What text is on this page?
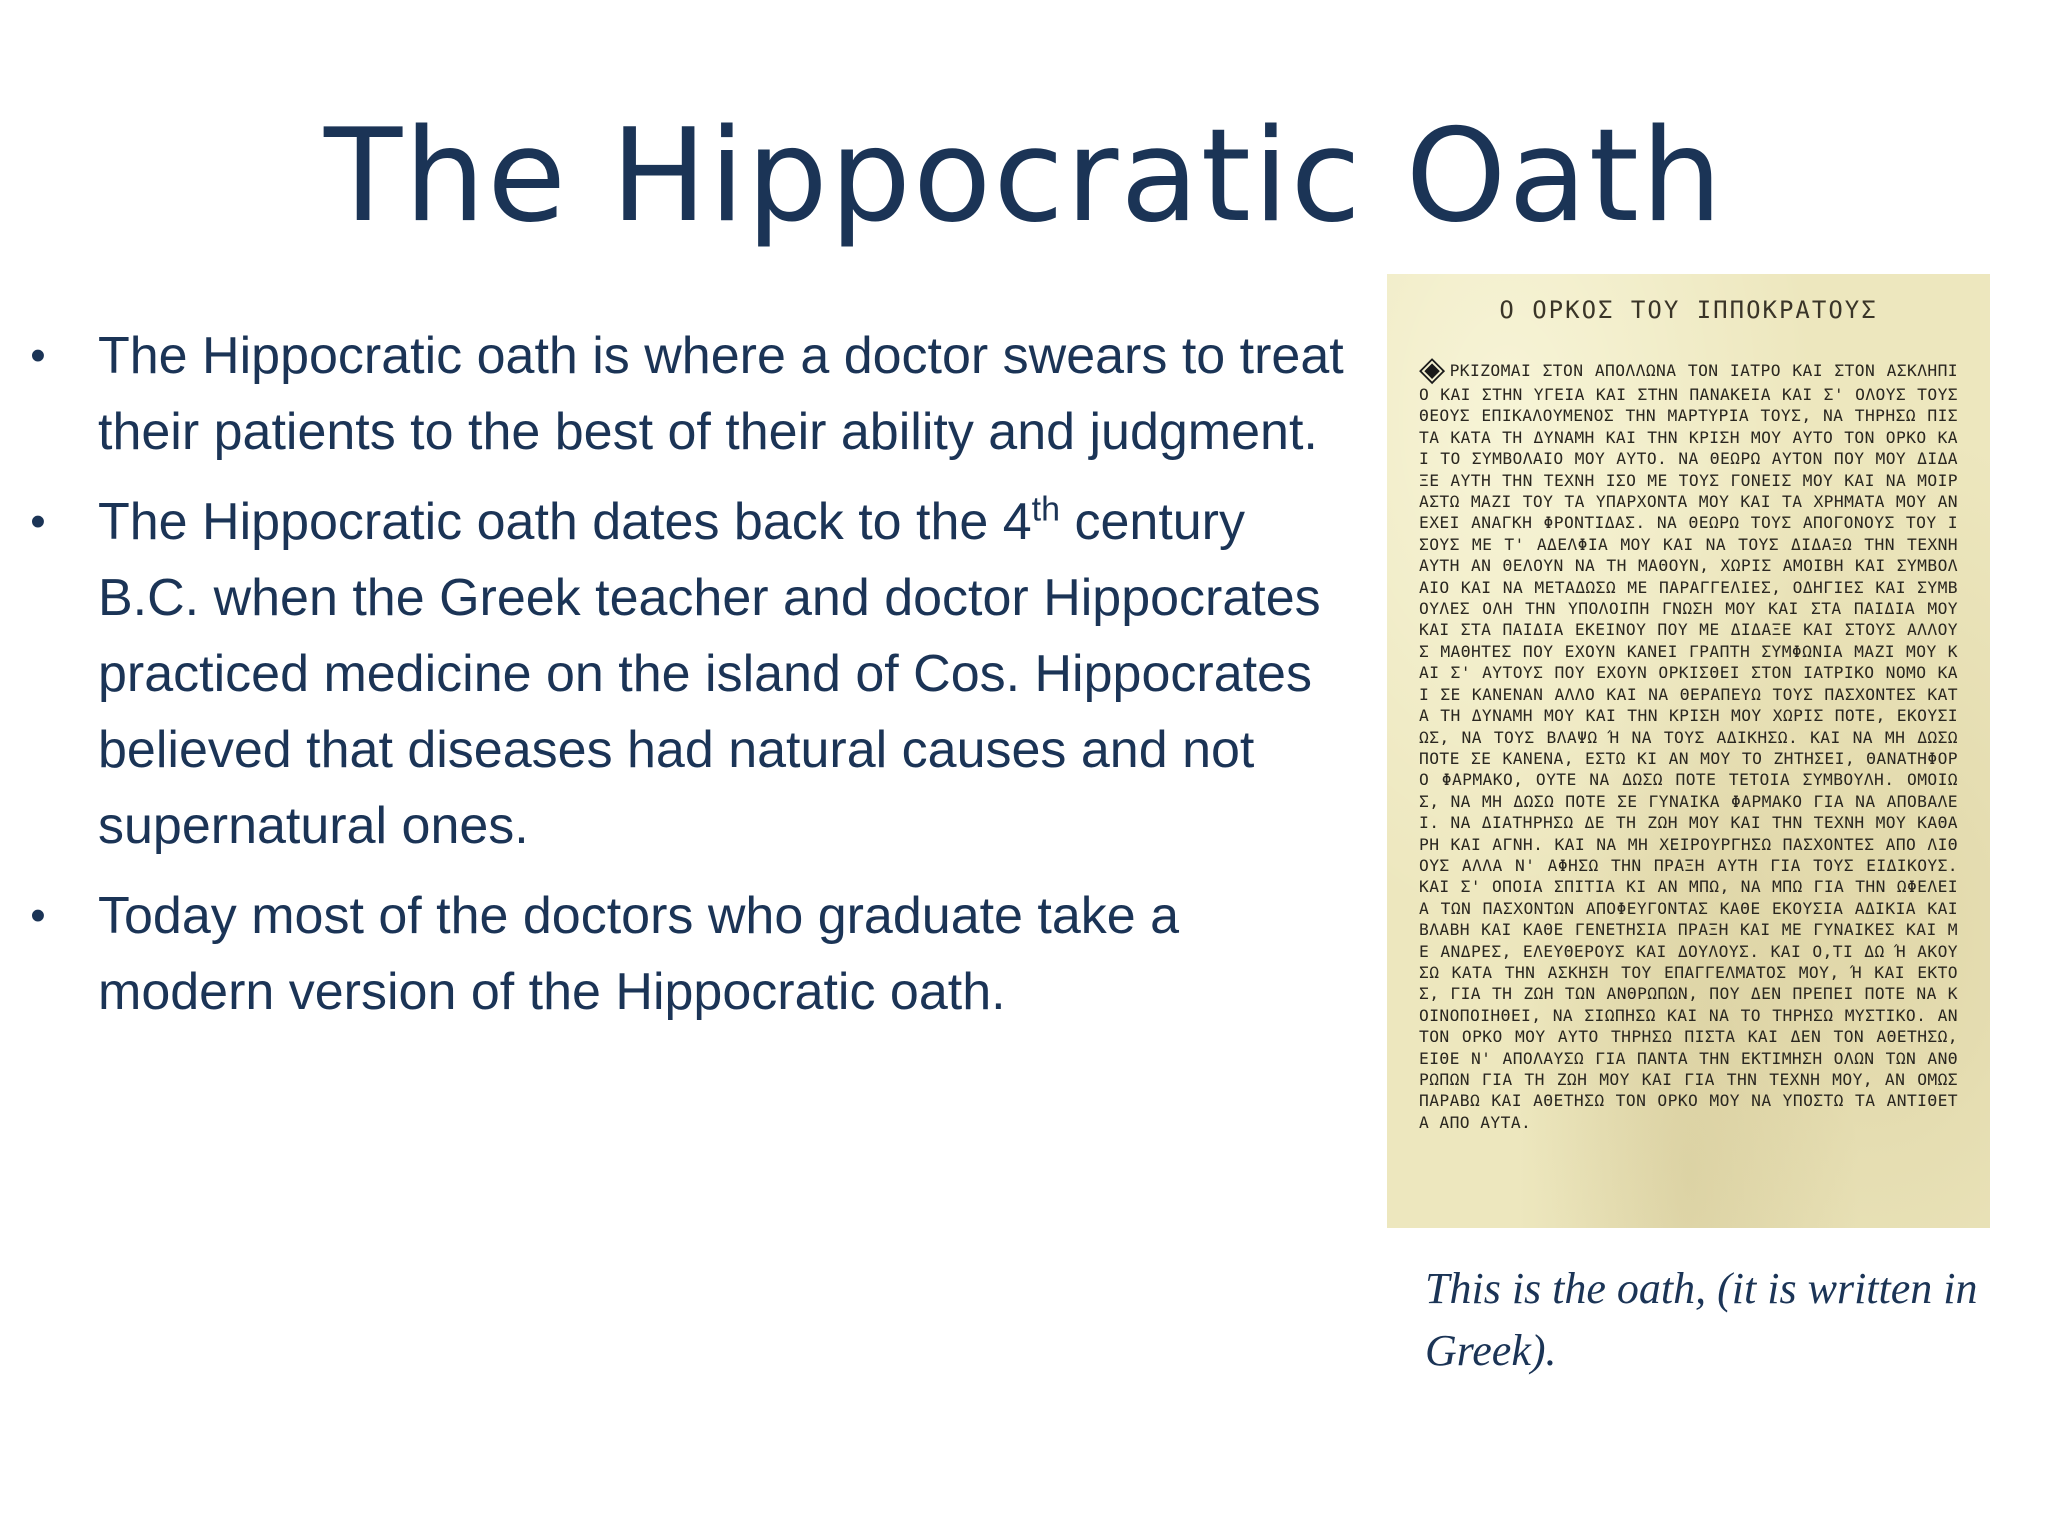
The Hippocratic Oath
• The Hippocratic oath is where a doctor swears to treat their patients to the best of their ability and judgment.
• The Hippocratic oath dates back to the 4th century B.C. when the Greek teacher and doctor Hippocrates practiced medicine on the island of Cos. Hippocrates believed that diseases had natural causes and not supernatural ones.
• Today most of the doctors who graduate take a modern version of the Hippocratic oath.
Ο ΟΡΚΟΣ ΤΟΥ ΙΠΠΟΚΡΑΤΟΥΣ
◈ ΡΚΙΖΟΜΑΙ ΣΤΟΝ ΑΠΟΛΛΩΝΑ ΤΟΝ ΙΑΤΡΟ ΚΑΙ ΣΤΟΝ ΑΣΚΛΗΠΙΟ ΚΑΙ ΣΤΗΝ ΥΓΕΙΑ ΚΑΙ ΣΤΗΝ ΠΑΝΑΚΕΙΑ ΚΑΙ Σ' ΟΛΟΥΣ ΤΟΥΣ ΘΕΟΥΣ ΕΠΙΚΑΛΟΥΜΕΝΟΣ ΤΗΝ ΜΑΡΤΥΡΙΑ ΤΟΥΣ, ΝΑ ΤΗΡΗΣΩ ΠΙΣΤΑ ΚΑΤΑ ΤΗ ΔΥΝΑΜΗ ΚΑΙ ΤΗΝ ΚΡΙΣΗ ΜΟΥ ΑΥΤΟ ΤΟΝ ΟΡΚΟ ΚΑΙ ΤΟ ΣΥΜΒΟΛΑΙΟ ΜΟΥ ΑΥΤΟ. ΝΑ ΘΕΩΡΩ ΑΥΤΟΝ ΠΟΥ ΜΟΥ ΔΙΔΑΞΕ ΑΥΤΗ ΤΗΝ ΤΕΧΝΗ ΙΣΟ ΜΕ ΤΟΥΣ ΓΟΝΕΙΣ ΜΟΥ ΚΑΙ ΝΑ ΜΟΙΡΑΣΤΩ ΜΑΖΙ ΤΟΥ ΤΑ ΥΠΑΡΧΟΝΤΑ ΜΟΥ ΚΑΙ ΤΑ ΧΡΗΜΑΤΑ ΜΟΥ ΑΝ ΕΧΕΙ ΑΝΑΓΚΗ ΦΡΟΝΤΙΔΑΣ. ΝΑ ΘΕΩΡΩ ΤΟΥΣ ΑΠΟΓΟΝΟΥΣ ΤΟΥ ΙΣΟΥΣ ΜΕ Τ' ΑΔΕΛΦΙΑ ΜΟΥ ΚΑΙ ΝΑ ΤΟΥΣ ΔΙΔΑΞΩ ΤΗΝ ΤΕΧΝΗ ΑΥΤΗ ΑΝ ΘΕΛΟΥΝ ΝΑ ΤΗ ΜΑΘΟΥΝ, ΧΩΡΙΣ ΑΜΟΙΒΗ ΚΑΙ ΣΥΜΒΟΛΑΙΟ ΚΑΙ ΝΑ ΜΕΤΑΔΩΣΩ ΜΕ ΠΑΡΑΓΓΕΛΙΕΣ, ΟΔΗΓΙΕΣ ΚΑΙ ΣΥΜΒΟΥΛΕΣ ΟΛΗ ΤΗΝ ΥΠΟΛΟΙΠΗ ΓΝΩΣΗ ΜΟΥ ΚΑΙ ΣΤΑ ΠΑΙΔΙΑ ΜΟΥ ΚΑΙ ΣΤΑ ΠΑΙΔΙΑ ΕΚΕΙΝΟΥ ΠΟΥ ΜΕ ΔΙΔΑΞΕ ΚΑΙ ΣΤΟΥΣ ΑΛΛΟΥΣ ΜΑΘΗΤΕΣ ΠΟΥ ΕΧΟΥΝ ΚΑΝΕΙ ΓΡΑΠΤΗ ΣΥΜΦΩΝΙΑ ΜΑΖΙ ΜΟΥ ΚΑΙ Σ' ΑΥΤΟΥΣ ΠΟΥ ΕΧΟΥΝ ΟΡΚΙΣΘΕΙ ΣΤΟΝ ΙΑΤΡΙΚΟ ΝΟΜΟ ΚΑΙ ΣΕ ΚΑΝΕΝΑΝ ΑΛΛΟ ΚΑΙ ΝΑ ΘΕΡΑΠΕΥΩ ΤΟΥΣ ΠΑΣΧΟΝΤΕΣ ΚΑΤΑ ΤΗ ΔΥΝΑΜΗ ΜΟΥ ΚΑΙ ΤΗΝ ΚΡΙΣΗ ΜΟΥ ΧΩΡΙΣ ΠΟΤΕ, ΕΚΟΥΣΙΩΣ, ΝΑ ΤΟΥΣ ΒΛΑΨΩ Ή ΝΑ ΤΟΥΣ ΑΔΙΚΗΣΩ. ΚΑΙ ΝΑ ΜΗ ΔΩΣΩ ΠΟΤΕ ΣΕ ΚΑΝΕΝΑ, ΕΣΤΩ ΚΙ ΑΝ ΜΟΥ ΤΟ ΖΗΤΗΣΕΙ, ΘΑΝΑΤΗΦΟΡΟ ΦΑΡΜΑΚΟ, ΟΥΤΕ ΝΑ ΔΩΣΩ ΠΟΤΕ ΤΕΤΟΙΑ ΣΥΜΒΟΥΛΗ. ΟΜΟΙΩΣ, ΝΑ ΜΗ ΔΩΣΩ ΠΟΤΕ ΣΕ ΓΥΝΑΙΚΑ ΦΑΡΜΑΚΟ ΓΙΑ ΝΑ ΑΠΟΒΑΛΕΙ. ΝΑ ΔΙΑΤΗΡΗΣΩ ΔΕ ΤΗ ΖΩΗ ΜΟΥ ΚΑΙ ΤΗΝ ΤΕΧΝΗ ΜΟΥ ΚΑΘΑΡΗ ΚΑΙ ΑΓΝΗ. ΚΑΙ ΝΑ ΜΗ ΧΕΙΡΟΥΡΓΗΣΩ ΠΑΣΧΟΝΤΕΣ ΑΠΟ ΛΙΘΟΥΣ ΑΛΛΑ Ν' ΑΦΗΣΩ ΤΗΝ ΠΡΑΞΗ ΑΥΤΗ ΓΙΑ ΤΟΥΣ ΕΙΔΙΚΟΥΣ. ΚΑΙ Σ' ΟΠΟΙΑ ΣΠΙΤΙΑ ΚΙ ΑΝ ΜΠΩ, ΝΑ ΜΠΩ ΓΙΑ ΤΗΝ ΩΦΕΛΕΙΑ ΤΩΝ ΠΑΣΧΟΝΤΩΝ ΑΠΟΦΕΥΓΟΝΤΑΣ ΚΑΘΕ ΕΚΟΥΣΙΑ ΑΔΙΚΙΑ ΚΑΙ ΒΛΑΒΗ ΚΑΙ ΚΑΘΕ ΓΕΝΕΤΗΣΙΑ ΠΡΑΞΗ ΚΑΙ ΜΕ ΓΥΝΑΙΚΕΣ ΚΑΙ ΜΕ ΑΝΔΡΕΣ, ΕΛΕΥΘΕΡΟΥΣ ΚΑΙ ΔΟΥΛΟΥΣ. ΚΑΙ Ο,ΤΙ ΔΩ Ή ΑΚΟΥΣΩ ΚΑΤΑ ΤΗΝ ΑΣΚΗΣΗ ΤΟΥ ΕΠΑΓΓΕΛΜΑΤΟΣ ΜΟΥ, Ή ΚΑΙ ΕΚΤΟΣ, ΓΙΑ ΤΗ ΖΩΗ ΤΩΝ ΑΝΘΡΩΠΩΝ, ΠΟΥ ΔΕΝ ΠΡΕΠΕΙ ΠΟΤΕ ΝΑ ΚΟΙΝΟΠΟΙΗΘΕΙ, ΝΑ ΣΙΩΠΗΣΩ ΚΑΙ ΝΑ ΤΟ ΤΗΡΗΣΩ ΜΥΣΤΙΚΟ. ΑΝ ΤΟΝ ΟΡΚΟ ΜΟΥ ΑΥΤΟ ΤΗΡΗΣΩ ΠΙΣΤΑ ΚΑΙ ΔΕΝ ΤΟΝ ΑΘΕΤΗΣΩ, ΕΙΘΕ Ν' ΑΠΟΛΑΥΣΩ ΓΙΑ ΠΑΝΤΑ ΤΗΝ ΕΚΤΙΜΗΣΗ ΟΛΩΝ ΤΩΝ ΑΝΘΡΩΠΩΝ ΓΙΑ ΤΗ ΖΩΗ ΜΟΥ ΚΑΙ ΓΙΑ ΤΗΝ ΤΕΧΝΗ ΜΟΥ, ΑΝ ΟΜΩΣ ΠΑΡΑΒΩ ΚΑΙ ΑΘΕΤΗΣΩ ΤΟΝ ΟΡΚΟ ΜΟΥ ΝΑ ΥΠΟΣΤΩ ΤΑ ΑΝΤΙΘΕΤΑ ΑΠΟ ΑΥΤΑ.
This is the oath, (it is written in Greek).
